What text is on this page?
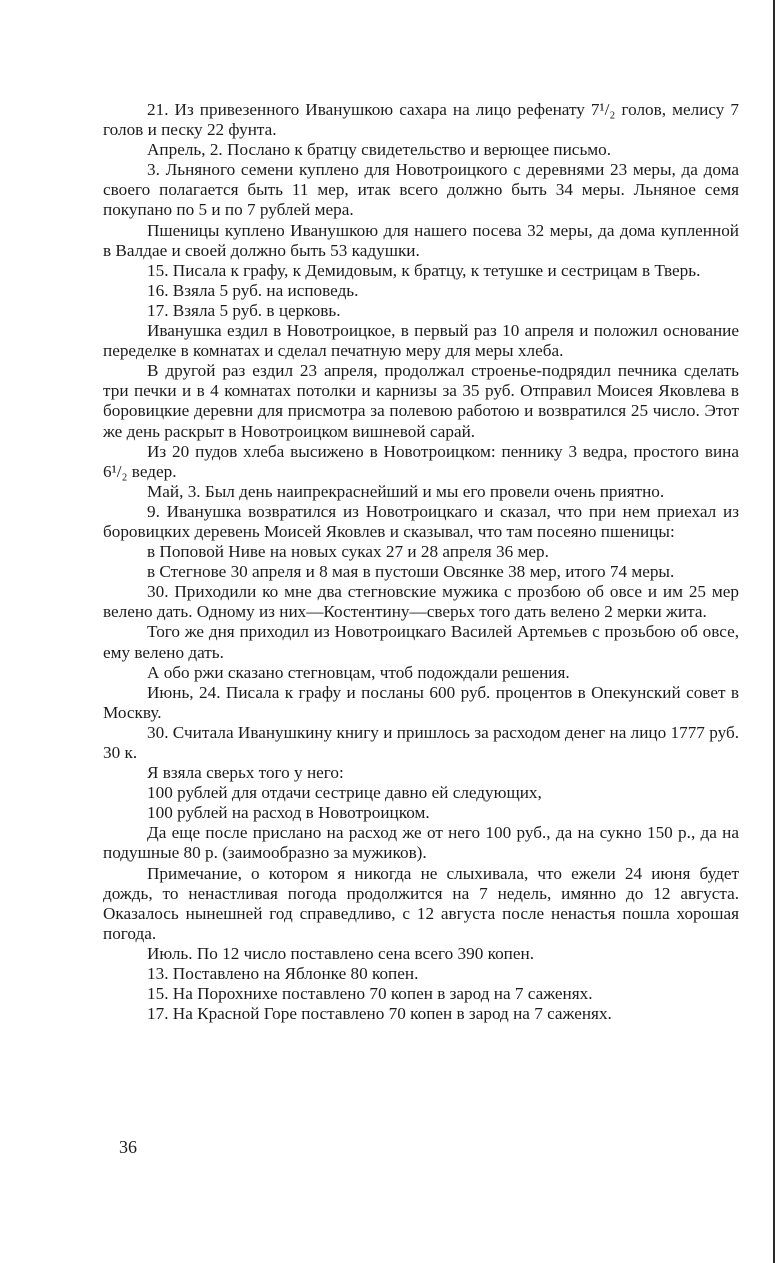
21. Из привезенного Иванушкою сахара на лицо рефенату 7¹/₂ голов, мелису 7 голов и песку 22 фунта.

Апрель, 2. Послано к братцу свидетельство и верющее письмо.

3. Льняного семени куплено для Новотроицкого с деревнями 23 меры, да дома своего полагается быть 11 мер, итак всего должно быть 34 меры. Льняное семя покупано по 5 и по 7 рублей мера.

Пшеницы куплено Иванушкою для нашего посева 32 меры, да дома купленной в Валдае и своей должно быть 53 кадушки.

15. Писала к графу, к Демидовым, к братцу, к тетушке и сестрицам в Тверь.

16. Взяла 5 руб. на исповедь.

17. Взяла 5 руб. в церковь.

Иванушка ездил в Новотроицкое, в первый раз 10 апреля и положил основание переделке в комнатах и сделал печатную меру для меры хлеба.

В другой раз ездил 23 апреля, продолжал строенье-подрядил печника сделать три печки и в 4 комнатах потолки и карнизы за 35 руб. Отправил Моисея Яковлева в боровицкие деревни для присмотра за полевою работою и возвратился 25 число. Этот же день раскрыт в Новотроицком вишневой сарай.

Из 20 пудов хлеба высижено в Новотроицком: пеннику 3 ведра, простого вина 6¹/₂ ведер.

Май, 3. Был день наипрекраснейший и мы его провели очень приятно.

9. Иванушка возвратился из Новотроицкаго и сказал, что при нем приехал из боровицких деревень Моисей Яковлев и сказывал, что там посеяно пшеницы:

в Поповой Ниве на новых суках 27 и 28 апреля 36 мер.

в Стегнове 30 апреля и 8 мая в пустоши Овсянке 38 мер, итого 74 меры.

30. Приходили ко мне два стегновские мужика с прозбою об овсе и им 25 мер велено дать. Одному из них—Костентину—сверьх того дать велено 2 мерки жита.

Того же дня приходил из Новотроицкаго Василей Артемьев с прозьбою об овсе, ему велено дать.

А обо ржи сказано стегновцам, чтоб подождали решения.

Июнь, 24. Писала к графу и посланы 600 руб. процентов в Опекунский совет в Москву.

30. Считала Иванушкину книгу и пришлось за расходом денег на лицо 1777 руб. 30 к.

Я взяла сверьх того у него:

100 рублей для отдачи сестрице давно ей следующих,

100 рублей на расход в Новотроицком.

Да еще после прислано на расход же от него 100 руб., да на сукно 150 р., да на подушные 80 р. (заимообразно за мужиков).

Примечание, о котором я никогда не слыхивала, что ежели 24 июня будет дождь, то ненастливая погода продолжится на 7 недель, имянно до 12 августа. Оказалось нынешней год справедливо, с 12 августа после ненастья пошла хорошая погода.

Июль. По 12 число поставлено сена всего 390 копен.

13. Поставлено на Яблонке 80 копен.

15. На Порохнихе поставлено 70 копен в зарод на 7 саженях.

17. На Красной Горе поставлено 70 копен в зарод на 7 саженях.

36
